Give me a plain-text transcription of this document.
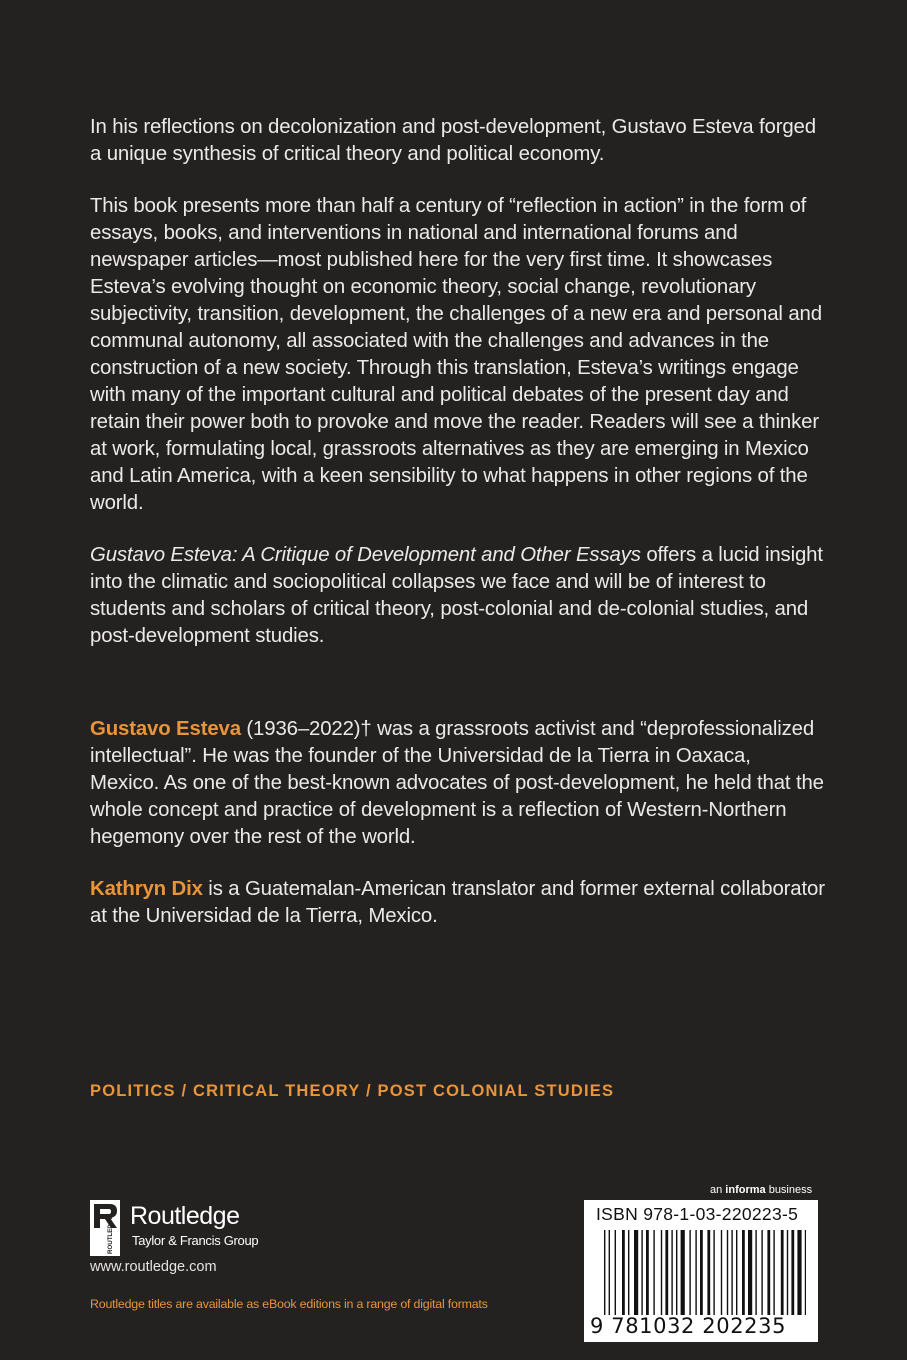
In his reflections on decolonization and post-development, Gustavo Esteva forged a unique synthesis of critical theory and political economy.

This book presents more than half a century of “reflection in action” in the form of essays, books, and interventions in national and international forums and newspaper articles—most published here for the very first time. It showcases Esteva’s evolving thought on economic theory, social change, revolutionary subjectivity, transition, development, the challenges of a new era and personal and communal autonomy, all associated with the challenges and advances in the construction of a new society. Through this translation, Esteva’s writings engage with many of the important cultural and political debates of the present day and retain their power both to provoke and move the reader. Readers will see a thinker at work, formulating local, grassroots alternatives as they are emerging in Mexico and Latin America, with a keen sensibility to what happens in other regions of the world.

Gustavo Esteva: A Critique of Development and Other Essays offers a lucid insight into the climatic and sociopolitical collapses we face and will be of interest to students and scholars of critical theory, post-colonial and de-colonial studies, and post-development studies.

Gustavo Esteva (1936–2022)† was a grassroots activist and “deprofessionalized intellectual”. He was the founder of the Universidad de la Tierra in Oaxaca, Mexico. As one of the best-known advocates of post-development, he held that the whole concept and practice of development is a reflection of Western-Northern hegemony over the rest of the world.

Kathryn Dix is a Guatemalan-American translator and former external collaborator at the Universidad de la Tierra, Mexico.

POLITICS / CRITICAL THEORY / POST COLONIAL STUDIES
ROUTLEDGE Routledge
Taylor & Francis Group
www.routledge.com
Routledge titles are available as eBook editions in a range of digital formats
an informa business
ISBN 978-1-03-220223-5
9 781032 202235
